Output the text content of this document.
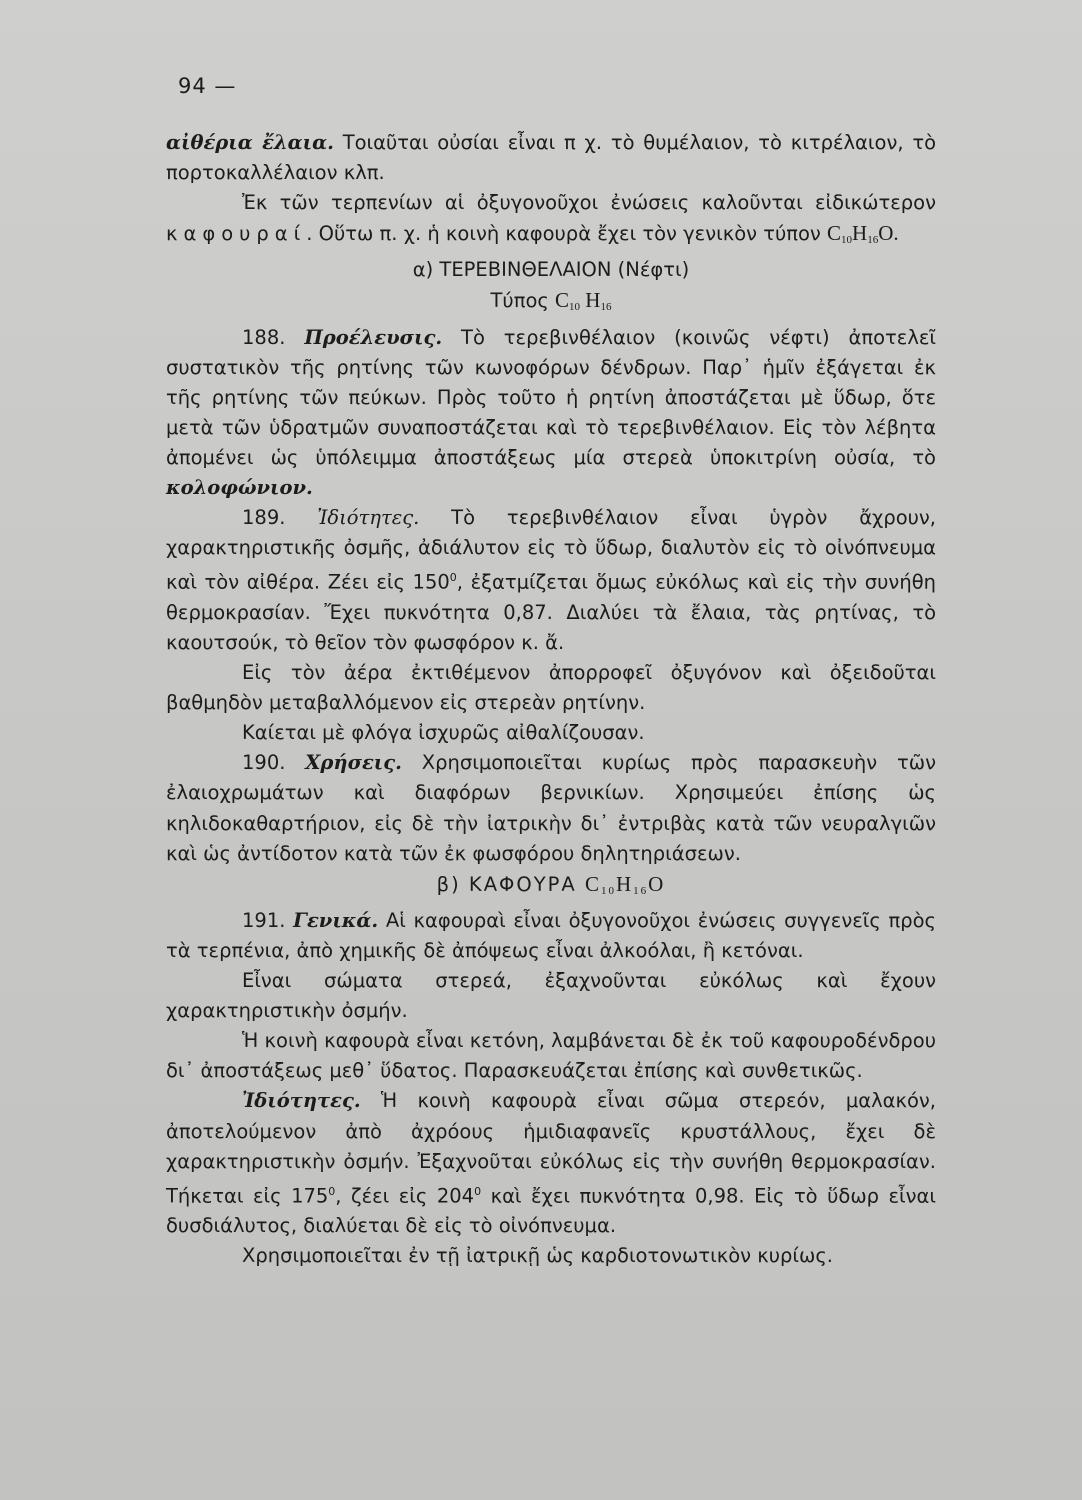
94 —

αἰθέρια ἔλαια. Τοιαῦται οὐσίαι εἶναι π χ. τὸ θυμέλαιον, τὸ κιτρέλαιον, τὸ πορτοκαλλέλαιον κλπ.

Ἐκ τῶν τερπενίων αἱ ὀξυγονοῦχοι ἐνώσεις καλοῦνται εἰδικώτερον καφουραί. Οὕτω π. χ. ἡ κοινὴ καφουρὰ ἔχει τὸν γενικὸν τύπον $C_{10}H_{16}O$.

α) ΤΕΡΕΒΙΝΘΕΛΑΙΟΝ (Νέφτι)

Τύπος $C_{10}$ $H_{16}$

188. Προέλευσις. Τὸ τερεβινθέλαιον (κοινῶς νέφτι) ἀποτελεῖ συστατικὸν τῆς ρητίνης τῶν κωνοφόρων δένδρων. Παρ᾽ ἡμῖν ἐξάγεται ἐκ τῆς ρητίνης τῶν πεύκων. Πρὸς τοῦτο ἡ ρητίνη ἀποστάζεται μὲ ὕδωρ, ὅτε μετὰ τῶν ὑδρατμῶν συναποστάζεται καὶ τὸ τερεβινθέλαιον. Εἰς τὸν λέβητα ἀπομένει ὡς ὑπόλειμμα ἀποστάξεως μία στερεὰ ὑποκιτρίνη οὐσία, τὸ κολοφώνιον.

189. Ἰδιότητες. Τὸ τερεβινθέλαιον εἶναι ὑγρὸν ἄχρουν, χαρακτηριστικῆς ὀσμῆς, ἀδιάλυτον εἰς τὸ ὕδωρ, διαλυτὸν εἰς τὸ οἰνόπνευμα καὶ τὸν αἰθέρα. Ζέει εἰς $150^0$, ἐξατμίζεται ὅμως εὐκόλως καὶ εἰς τὴν συνήθη θερμοκρασίαν. Ἔχει πυκνότητα 0,87. Διαλύει τὰ ἔλαια, τὰς ρητίνας, τὸ καουτσούκ, τὸ θεῖον τὸν φωσφόρον κ. ἄ.

Εἰς τὸν ἀέρα ἐκτιθέμενον ἀπορροφεῖ ὀξυγόνον καὶ ὀξειδοῦται βαθμηδὸν μεταβαλλόμενον εἰς στερεὰν ρητίνην.

Καίεται μὲ φλόγα ἰσχυρῶς αἰθαλίζουσαν.

190. Χρήσεις. Χρησιμοποιεῖται κυρίως πρὸς παρασκευὴν τῶν ἐλαιοχρωμάτων καὶ διαφόρων βερνικίων. Χρησιμεύει ἐπίσης ὡς κηλιδοκαθαρτήριον, εἰς δὲ τὴν ἰατρικὴν δι᾽ ἐντριβὰς κατὰ τῶν νευραλγιῶν καὶ ὡς ἀντίδοτον κατὰ τῶν ἐκ φωσφόρου δηλητηριάσεων.

β) ΚΑΦΟΥΡΑ $C_{10}H_{16}O$

191. Γενικά. Αἱ καφουραὶ εἶναι ὀξυγονοῦχοι ἐνώσεις συγγενεῖς πρὸς τὰ τερπένια, ἀπὸ χημικῆς δὲ ἀπόψεως εἶναι ἀλκοόλαι, ἢ κετόναι.

Εἶναι σώματα στερεά, ἐξαχνοῦνται εὐκόλως καὶ ἔχουν χαρακτηριστικὴν ὀσμήν.

Ἡ κοινὴ καφουρὰ εἶναι κετόνη, λαμβάνεται δὲ ἐκ τοῦ καφουροδένδρου δι᾽ ἀποστάξεως μεθ᾽ ὕδατος. Παρασκευάζεται ἐπίσης καὶ συνθετικῶς.

Ἰδιότητες. Ἡ κοινὴ καφουρὰ εἶναι σῶμα στερεόν, μαλακόν, ἀποτελούμενον ἀπὸ ἀχρόους ἡμιδιαφανεῖς κρυστάλλους, ἔχει δὲ χαρακτηριστικὴν ὀσμήν. Ἐξαχνοῦται εὐκόλως εἰς τὴν συνήθη θερμοκρασίαν. Τήκεται εἰς $175^0$, ζέει εἰς $204^0$ καὶ ἔχει πυκνότητα 0,98. Εἰς τὸ ὕδωρ εἶναι δυσδιάλυτος, διαλύεται δὲ εἰς τὸ οἰνόπνευμα.

Χρησιμοποιεῖται ἐν τῇ ἰατρικῇ ὡς καρδιοτονωτικὸν κυρίως.
